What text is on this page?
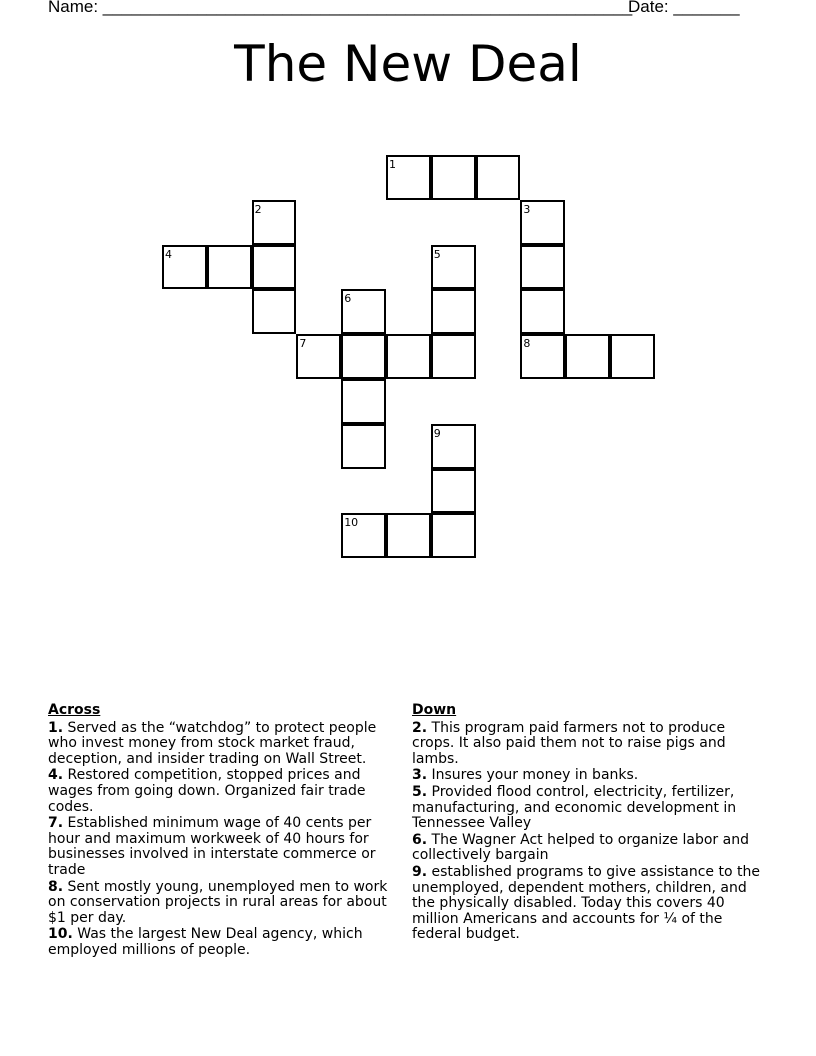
Name: ________________________________________________________
Date: _______
The New Deal
1
2	3
4	5
6
7	8
9
10
Across
1. Served as the “watchdog” to protect people who invest money from stock market fraud, deception, and insider trading on Wall Street.
4. Restored competition, stopped prices and wages from going down. Organized fair trade codes.
7. Established minimum wage of 40 cents per hour and maximum workweek of 40 hours for businesses involved in interstate commerce or trade
8. Sent mostly young, unemployed men to work on conservation projects in rural areas for about $1 per day.
10. Was the largest New Deal agency, which employed millions of people.
Down
2. This program paid farmers not to produce crops. It also paid them not to raise pigs and lambs.
3. Insures your money in banks.
5. Provided flood control, electricity, fertilizer, manufacturing, and economic development in Tennessee Valley
6. The Wagner Act helped to organize labor and collectively bargain
9. established programs to give assistance to the unemployed, dependent mothers, children, and the physically disabled. Today this covers 40 million Americans and accounts for ¼ of the federal budget.
